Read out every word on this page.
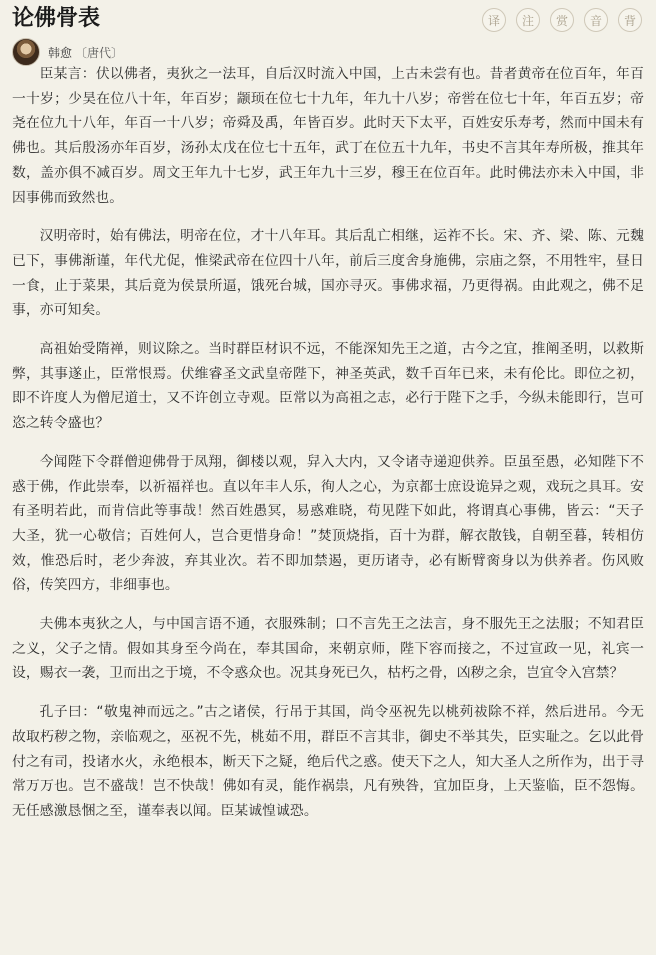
论佛骨表	译	注	赏	音	背
韩愈 〔唐代〕

臣某言：伏以佛者，夷狄之一法耳，自后汉时流入中国，上古未尝有也。昔者黄帝在位百年，年百一十岁；少昊在位八十年，年百岁；颛顼在位七十九年，年九十八岁；帝喾在位七十年，年百五岁；帝尧在位九十八年，年百一十八岁；帝舜及禹，年皆百岁。此时天下太平，百姓安乐寿考，然而中国未有佛也。其后殷汤亦年百岁，汤孙太戊在位七十五年，武丁在位五十九年，书史不言其年寿所极，推其年数，盖亦俱不减百岁。周文王年九十七岁，武王年九十三岁，穆王在位百年。此时佛法亦未入中国，非因事佛而致然也。

汉明帝时，始有佛法，明帝在位，才十八年耳。其后乱亡相继，运祚不长。宋、齐、梁、陈、元魏已下，事佛渐谨，年代尤促，惟梁武帝在位四十八年，前后三度舍身施佛，宗庙之祭，不用牲牢，昼日一食，止于菜果，其后竟为侯景所逼，饿死台城，国亦寻灭。事佛求福，乃更得祸。由此观之，佛不足事，亦可知矣。

高祖始受隋禅，则议除之。当时群臣材识不远，不能深知先王之道，古今之宜，推阐圣明，以救斯弊，其事遂止，臣常恨焉。伏维睿圣文武皇帝陛下，神圣英武，数千百年已来，未有伦比。即位之初，即不许度人为僧尼道士，又不许创立寺观。臣常以为高祖之志，必行于陛下之手，今纵未能即行，岂可恣之转令盛也？

今闻陛下令群僧迎佛骨于凤翔，御楼以观，舁入大内，又令诸寺递迎供养。臣虽至愚，必知陛下不惑于佛，作此崇奉，以祈福祥也。直以年丰人乐，徇人之心，为京都士庶设诡异之观，戏玩之具耳。安有圣明若此，而肯信此等事哉！然百姓愚冥，易惑难晓，苟见陛下如此，将谓真心事佛，皆云：“天子大圣，犹一心敬信；百姓何人，岂合更惜身命！”焚顶烧指，百十为群，解衣散钱，自朝至暮，转相仿效，惟恐后时，老少奔波，弃其业次。若不即加禁遏，更历诸寺，必有断臂脔身以为供养者。伤风败俗，传笑四方，非细事也。

夫佛本夷狄之人，与中国言语不通，衣服殊制；口不言先王之法言，身不服先王之法服；不知君臣之义，父子之情。假如其身至今尚在，奉其国命，来朝京师，陛下容而接之，不过宣政一见，礼宾一设，赐衣一袭，卫而出之于境，不令惑众也。况其身死已久，枯朽之骨，凶秽之余，岂宜令入宫禁？

孔子曰：“敬鬼神而远之。”古之诸侯，行吊于其国，尚令巫祝先以桃茢祓除不祥，然后进吊。今无故取朽秽之物，亲临观之，巫祝不先，桃茹不用，群臣不言其非，御史不举其失，臣实耻之。乞以此骨付之有司，投诸水火，永绝根本，断天下之疑，绝后代之惑。使天下之人，知大圣人之所作为，出于寻常万万也。岂不盛哉！岂不快哉！佛如有灵，能作祸祟，凡有殃咎，宜加臣身，上天鉴临，臣不怨悔。无任感激恳悃之至，谨奉表以闻。臣某诚惶诚恐。
